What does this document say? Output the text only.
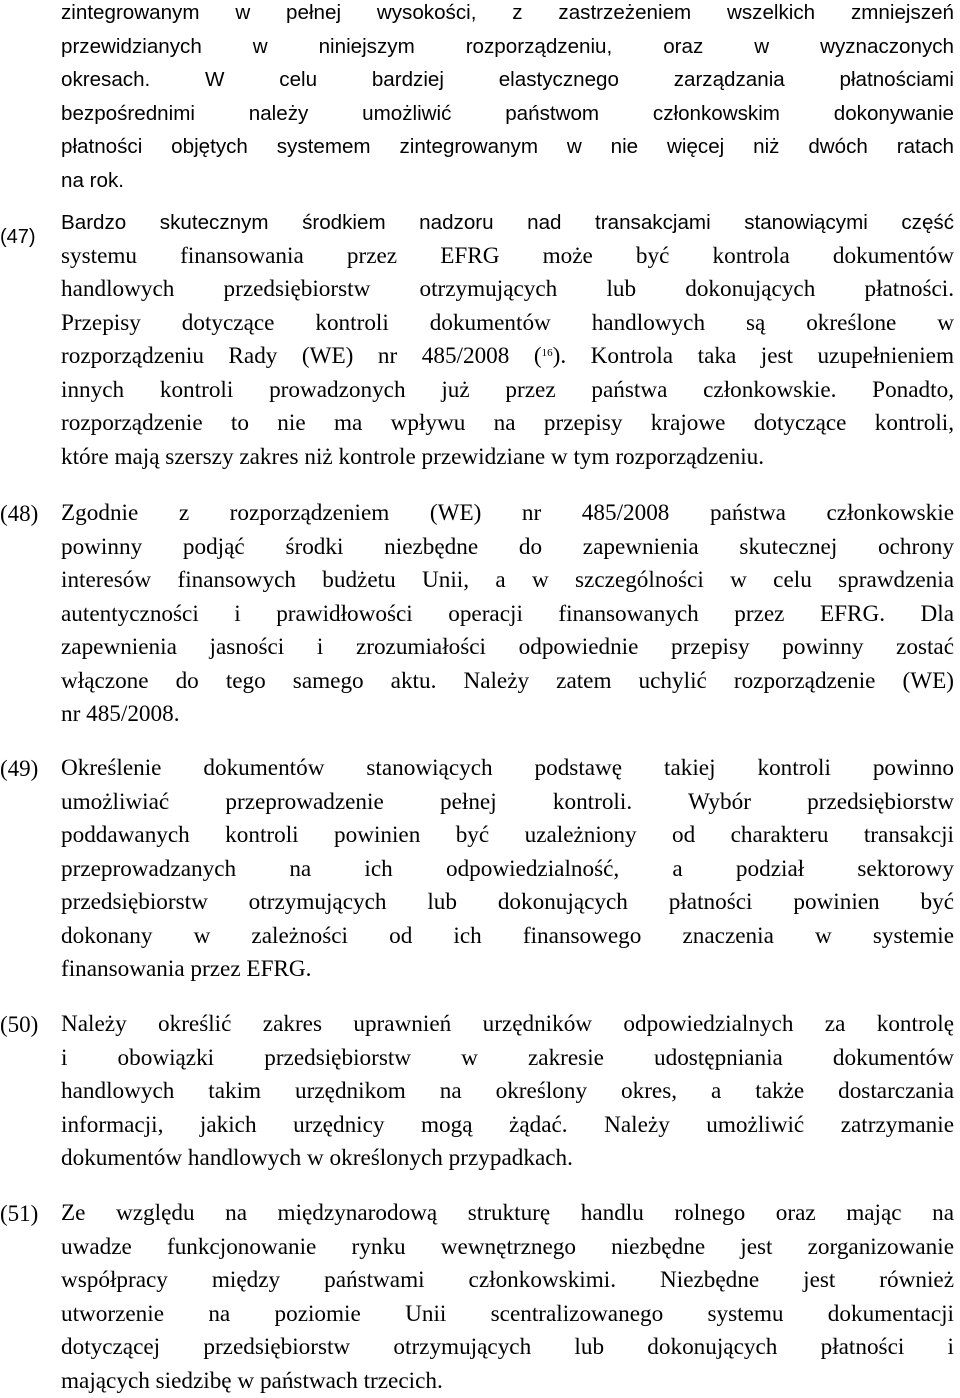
zintegrowanym w pełnej wysokości, z zastrzeżeniem wszelkich zmniejszeń
przewidzianych w niniejszym rozporządzeniu, oraz w wyznaczonych
okresach. W celu bardziej elastycznego zarządzania płatnościami
bezpośrednimi należy umożliwić państwom członkowskim dokonywanie
płatności objętych systemem zintegrowanym w nie więcej niż dwóch ratach
na rok.
(47)
Bardzo skutecznym środkiem nadzoru nad transakcjami stanowiącymi część
systemu finansowania przez EFRG może być kontrola dokumentów
handlowych przedsiębiorstw otrzymujących lub dokonujących płatności.
Przepisy dotyczące kontroli dokumentów handlowych są określone w
rozporządzeniu Rady (WE) nr 485/2008 ($^{16}$). Kontrola taka jest uzupełnieniem
innych kontroli prowadzonych już przez państwa członkowskie. Ponadto,
rozporządzenie to nie ma wpływu na przepisy krajowe dotyczące kontroli,
które mają szerszy zakres niż kontrole przewidziane w tym rozporządzeniu.
(48) Zgodnie z rozporządzeniem (WE) nr 485/2008 państwa członkowskie
powinny podjąć środki niezbędne do zapewnienia skutecznej ochrony
interesów finansowych budżetu Unii, a w szczególności w celu sprawdzenia
autentyczności i prawidłowości operacji finansowanych przez EFRG. Dla
zapewnienia jasności i zrozumiałości odpowiednie przepisy powinny zostać
włączone do tego samego aktu. Należy zatem uchylić rozporządzenie (WE)
nr 485/2008.
(49) Określenie dokumentów stanowiących podstawę takiej kontroli powinno
umożliwiać przeprowadzenie pełnej kontroli. Wybór przedsiębiorstw
poddawanych kontroli powinien być uzależniony od charakteru transakcji
przeprowadzanych na ich odpowiedzialność, a podział sektorowy
przedsiębiorstw otrzymujących lub dokonujących płatności powinien być
dokonany w zależności od ich finansowego znaczenia w systemie
finansowania przez EFRG.
(50) Należy określić zakres uprawnień urzędników odpowiedzialnych za kontrolę
i obowiązki przedsiębiorstw w zakresie udostępniania dokumentów
handlowych takim urzędnikom na określony okres, a także dostarczania
informacji, jakich urzędnicy mogą żądać. Należy umożliwić zatrzymanie
dokumentów handlowych w określonych przypadkach.
(51) Ze względu na międzynarodową strukturę handlu rolnego oraz mając na
uwadze funkcjonowanie rynku wewnętrznego niezbędne jest zorganizowanie
współpracy między państwami członkowskimi. Niezbędne jest również
utworzenie na poziomie Unii scentralizowanego systemu dokumentacji
dotyczącej przedsiębiorstw otrzymujących lub dokonujących płatności i
mających siedzibę w państwach trzecich.
